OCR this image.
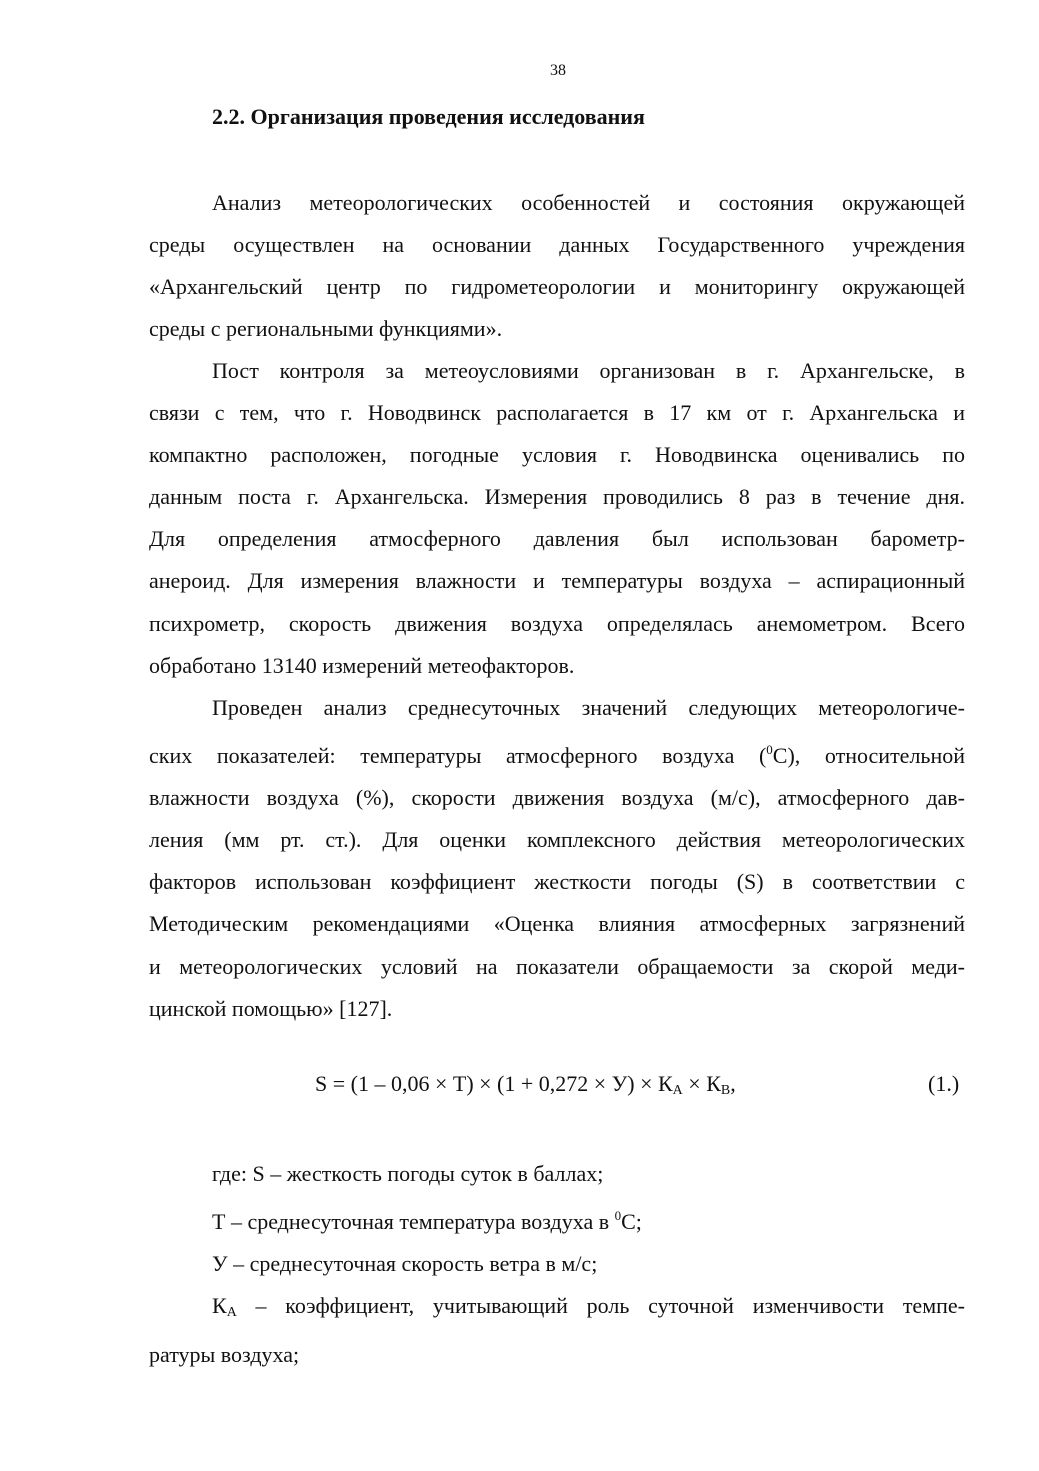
38
2.2. Организация проведения исследования
Анализ метеорологических особенностей и состояния окружающей
среды осуществлен на основании данных Государственного учреждения
«Архангельский центр по гидрометеорологии и мониторингу окружающей
среды с региональными функциями».
Пост контроля за метеоусловиями организован в г. Архангельске, в
связи с тем, что г. Новодвинск располагается в 17 км от г. Архангельска и
компактно расположен, погодные условия г. Новодвинска оценивались по
данным поста г. Архангельска. Измерения проводились 8 раз в течение дня.
Для определения атмосферного давления был использован барометр-
анероид. Для измерения влажности и температуры воздуха – аспирационный
психрометр, скорость движения воздуха определялась анемометром. Всего
обработано 13140 измерений метеофакторов.
Проведен анализ среднесуточных значений следующих метеорологиче-
ских показателей: температуры атмосферного воздуха ($^0$С), относительной
влажности воздуха (%), скорости движения воздуха (м/с), атмосферного дав-
ления (мм рт. ст.). Для оценки комплексного действия метеорологических
факторов использован коэффициент жесткости погоды (S) в соответствии с
Методическим рекомендациями «Оценка влияния атмосферных загрязнений
и метеорологических условий на показатели обращаемости за скорой меди-
цинской помощью» [127].
$S = (1 - 0,06 \times Т) \times (1 + 0,272 \times У) \times К_А \times К_В$,	(1.)
где: S – жесткость погоды суток в баллах;
Т – среднесуточная температура воздуха в $^0$С;
У – среднесуточная скорость ветра в м/с;
$К_А$ – коэффициент, учитывающий роль суточной изменчивости темпе-
ратуры воздуха;
